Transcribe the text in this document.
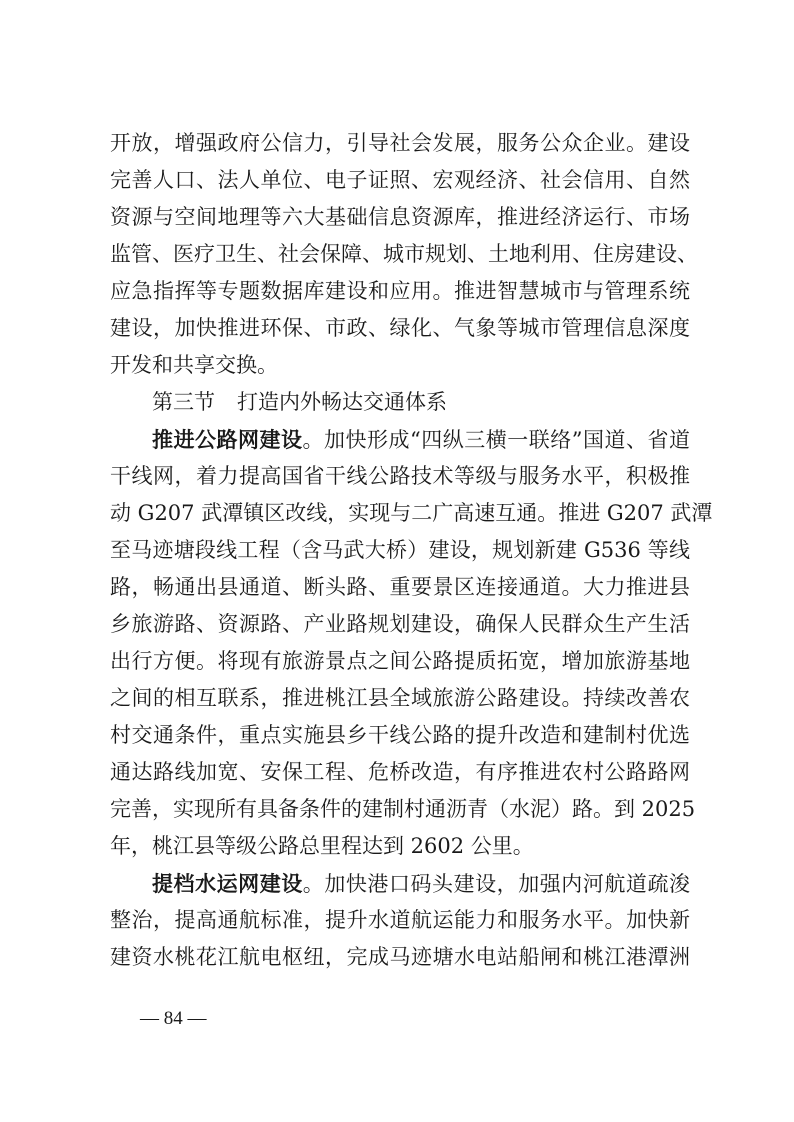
开放，增强政府公信力，引导社会发展，服务公众企业。建设
完善人口、法人单位、电子证照、宏观经济、社会信用、自然
资源与空间地理等六大基础信息资源库，推进经济运行、市场
监管、医疗卫生、社会保障、城市规划、土地利用、住房建设、
应急指挥等专题数据库建设和应用。推进智慧城市与管理系统
建设，加快推进环保、市政、绿化、气象等城市管理信息深度
开发和共享交换。
第三节 打造内外畅达交通体系
推进公路网建设。加快形成“四纵三横一联络”国道、省道
干线网，着力提高国省干线公路技术等级与服务水平，积极推
动 G207 武潭镇区改线，实现与二广高速互通。推进 G207 武潭
至马迹塘段线工程（含马武大桥）建设，规划新建 G536 等线
路，畅通出县通道、断头路、重要景区连接通道。大力推进县
乡旅游路、资源路、产业路规划建设，确保人民群众生产生活
出行方便。将现有旅游景点之间公路提质拓宽，增加旅游基地
之间的相互联系，推进桃江县全域旅游公路建设。持续改善农
村交通条件，重点实施县乡干线公路的提升改造和建制村优选
通达路线加宽、安保工程、危桥改造，有序推进农村公路路网
完善，实现所有具备条件的建制村通沥青（水泥）路。到 2025
年，桃江县等级公路总里程达到 2602 公里。
提档水运网建设。加快港口码头建设，加强内河航道疏浚
整治，提高通航标准，提升水道航运能力和服务水平。加快新
建资水桃花江航电枢纽，完成马迹塘水电站船闸和桃江港潭洲
— 84 —
